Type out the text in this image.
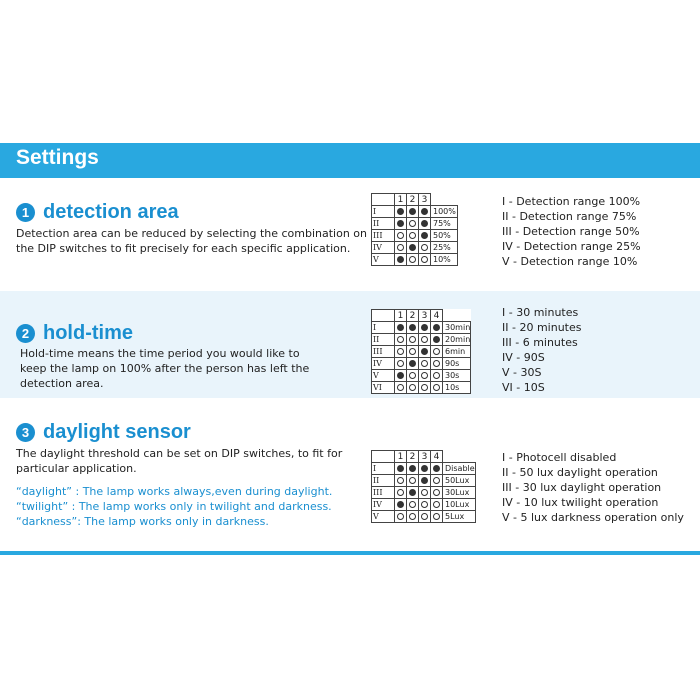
Settings
1 detection area
Detection area can be reduced by selecting the combination on
the DIP switches to fit precisely for each specific application.
	1	2	3	
I				100%
II				75%
III				50%
IV				25%
V				10%
I - Detection range 100%
II - Detection range 75%
III - Detection range 50%
IV - Detection range 25%
V - Detection range 10%
2 hold-time
Hold-time means the time period you would like to
keep the lamp on 100% after the person has left the
detection area.
	1	2	3	4	
I					30min
II					20min
III					6min
IV					90s
V					30s
VI					10s
I - 30 minutes
II - 20 minutes
III - 6 minutes
IV - 90S
V - 30S
VI - 10S
3 daylight sensor
The daylight threshold can be set on DIP switches, to fit for
particular application.
“daylight” : The lamp works always,even during daylight.
“twilight” : The lamp works only in twilight and darkness.
“darkness”: The lamp works only in darkness.
	1	2	3	4	
I					Disable
II					50Lux
III					30Lux
IV					10Lux
V					5Lux
I - Photocell disabled
II - 50 lux daylight operation
III - 30 lux daylight operation
IV - 10 lux twilight operation
V - 5 lux darkness operation only
